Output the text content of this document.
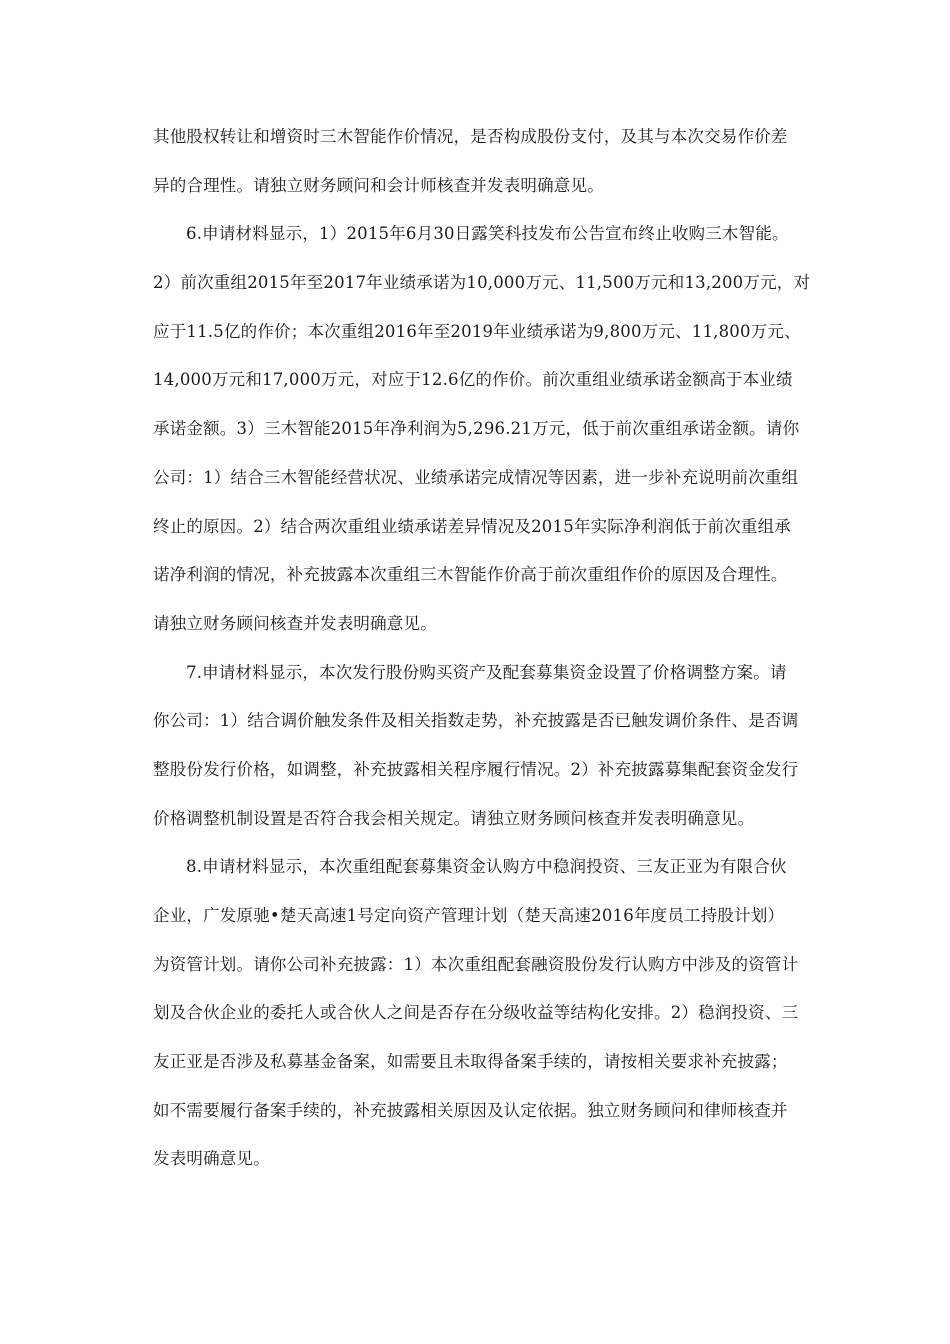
其他股权转让和增资时三木智能作价情况，是否构成股份支付，及其与本次交易作价差
异的合理性。请独立财务顾问和会计师核查并发表明确意见。
6.申请材料显示，1）2015年6月30日露笑科技发布公告宣布终止收购三木智能。
2）前次重组2015年至2017年业绩承诺为10,000万元、11,500万元和13,200万元，对
应于11.5亿的作价；本次重组2016年至2019年业绩承诺为9,800万元、11,800万元、
14,000万元和17,000万元，对应于12.6亿的作价。前次重组业绩承诺金额高于本业绩
承诺金额。3）三木智能2015年净利润为5,296.21万元，低于前次重组承诺金额。请你
公司：1）结合三木智能经营状况、业绩承诺完成情况等因素，进一步补充说明前次重组
终止的原因。2）结合两次重组业绩承诺差异情况及2015年实际净利润低于前次重组承
诺净利润的情况，补充披露本次重组三木智能作价高于前次重组作价的原因及合理性。
请独立财务顾问核查并发表明确意见。
7.申请材料显示，本次发行股份购买资产及配套募集资金设置了价格调整方案。请
你公司：1）结合调价触发条件及相关指数走势，补充披露是否已触发调价条件、是否调
整股份发行价格，如调整，补充披露相关程序履行情况。2）补充披露募集配套资金发行
价格调整机制设置是否符合我会相关规定。请独立财务顾问核查并发表明确意见。
8.申请材料显示，本次重组配套募集资金认购方中稳润投资、三友正亚为有限合伙
企业，广发原驰•楚天高速1号定向资产管理计划（楚天高速2016年度员工持股计划）
为资管计划。请你公司补充披露：1）本次重组配套融资股份发行认购方中涉及的资管计
划及合伙企业的委托人或合伙人之间是否存在分级收益等结构化安排。2）稳润投资、三
友正亚是否涉及私募基金备案，如需要且未取得备案手续的，请按相关要求补充披露；
如不需要履行备案手续的，补充披露相关原因及认定依据。独立财务顾问和律师核查并
发表明确意见。
